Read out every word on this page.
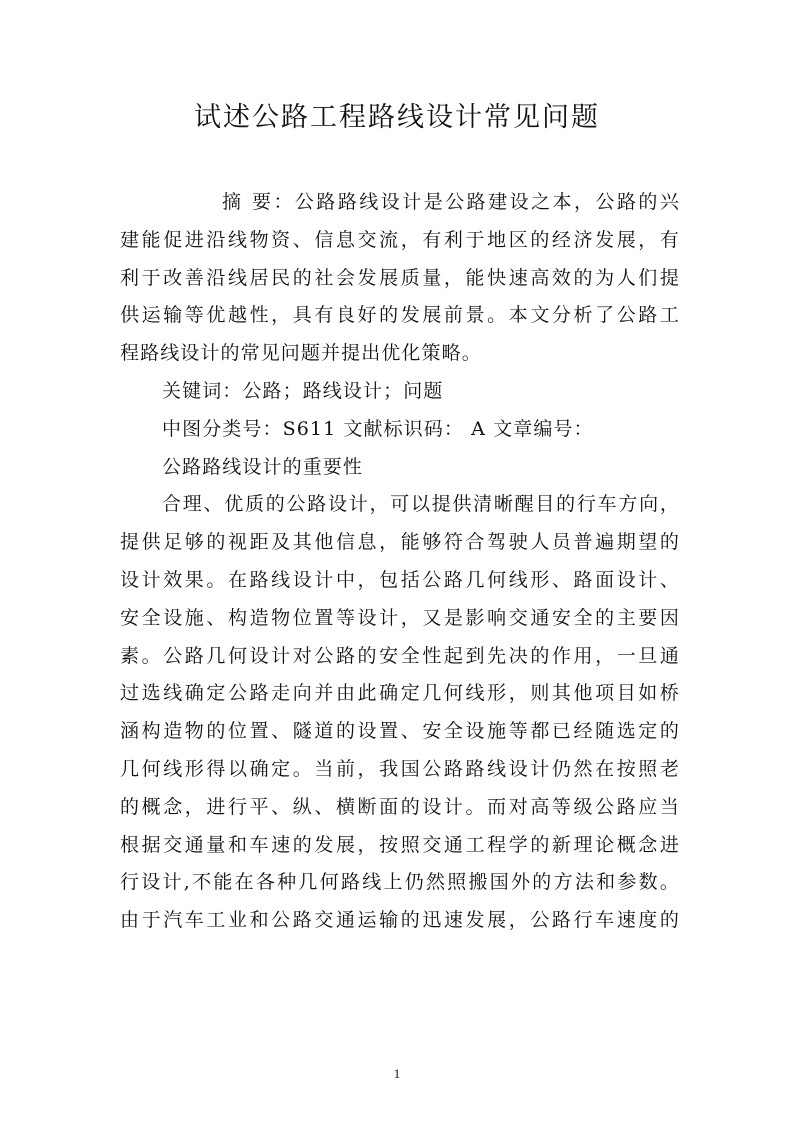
试述公路工程路线设计常见问题
摘 要：公路路线设计是公路建设之本，公路的兴
建能促进沿线物资、信息交流，有利于地区的经济发展，有
利于改善沿线居民的社会发展质量，能快速高效的为人们提
供运输等优越性，具有良好的发展前景。本文分析了公路工
程路线设计的常见问题并提出优化策略。
关键词：公路；路线设计；问题
中图分类号：S611 文献标识码： A 文章编号：
公路路线设计的重要性
合理、优质的公路设计，可以提供清晰醒目的行车方向，
提供足够的视距及其他信息，能够符合驾驶人员普遍期望的
设计效果。在路线设计中，包括公路几何线形、路面设计、
安全设施、构造物位置等设计，又是影响交通安全的主要因
素。公路几何设计对公路的安全性起到先决的作用，一旦通
过选线确定公路走向并由此确定几何线形，则其他项目如桥
涵构造物的位置、隧道的设置、安全设施等都已经随选定的
几何线形得以确定。当前，我国公路路线设计仍然在按照老
的概念，进行平、纵、横断面的设计。而对高等级公路应当
根据交通量和车速的发展，按照交通工程学的新理论概念进
行设计,不能在各种几何路线上仍然照搬国外的方法和参数。
由于汽车工业和公路交通运输的迅速发展，公路行车速度的
1
